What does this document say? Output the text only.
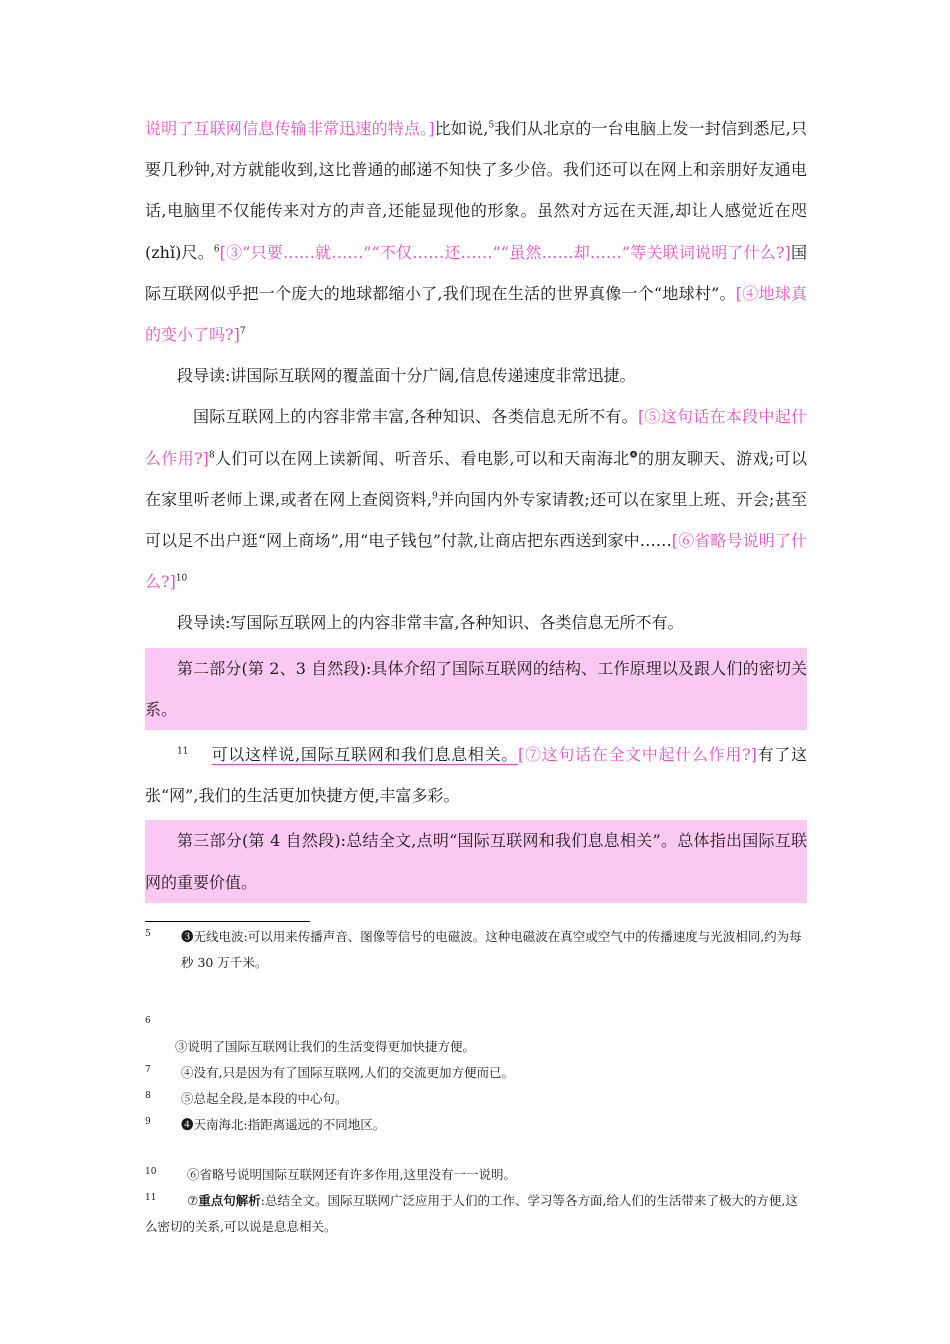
说明了互联网信息传输非常迅速的特点。]比如说,$^5$我们从北京的一台电脑上发一封信到悉尼,只要几秒钟,对方就能收到,这比普通的邮递不知快了多少倍。我们还可以在网上和亲朋好友通电话,电脑里不仅能传来对方的声音,还能显现他的形象。虽然对方远在天涯,却让人感觉近在咫(zhǐ)尺。$^6$[③“只要……就……”“不仅……还……”“虽然……却……”等关联词说明了什么?]国际互联网似乎把一个庞大的地球都缩小了,我们现在生活的世界真像一个“地球村”。[④地球真的变小了吗?]$^7$

段导读:讲国际互联网的覆盖面十分广阔,信息传递速度非常迅捷。

国际互联网上的内容非常丰富,各种知识、各类信息无所不有。[⑤这句话在本段中起什么作用?]$^8$人们可以在网上读新闻、听音乐、看电影,可以和天南海北$^❹$的朋友聊天、游戏;可以在家里听老师上课,或者在网上查阅资料,$^9$并向国内外专家请教;还可以在家里上班、开会;甚至可以足不出户逛“网上商场”,用“电子钱包”付款,让商店把东西送到家中……[⑥省略号说明了什么?]$^{10}$

段导读:写国际互联网上的内容非常丰富,各种知识、各类信息无所不有。

第二部分(第 2、3 自然段):具体介绍了国际互联网的结构、工作原理以及跟人们的密切关系。

$^{11}$ 可以这样说,国际互联网和我们息息相关。[⑦这句话在全文中起什么作用?]有了这张“网”,我们的生活更加快捷方便,丰富多彩。

第三部分(第 4 自然段):总结全文,点明“国际互联网和我们息息相关”。总体指出国际互联网的重要价值。

5 ❸无线电波:可以用来传播声音、图像等信号的电磁波。这种电磁波在真空或空气中的传播速度与光波相同,约为每秒 30 万千米。

6
③说明了国际互联网让我们的生活变得更加快捷方便。

7	④没有,只是因为有了国际互联网,人们的交流更加方便而已。

8	⑤总起全段,是本段的中心句。

9	❹天南海北:指距离遥远的不同地区。

10	⑥省略号说明国际互联网还有许多作用,这里没有一一说明。

11	⑦重点句解析:总结全文。国际互联网广泛应用于人们的工作、学习等各方面,给人们的生活带来了极大的方便,这么密切的关系,可以说是息息相关。
